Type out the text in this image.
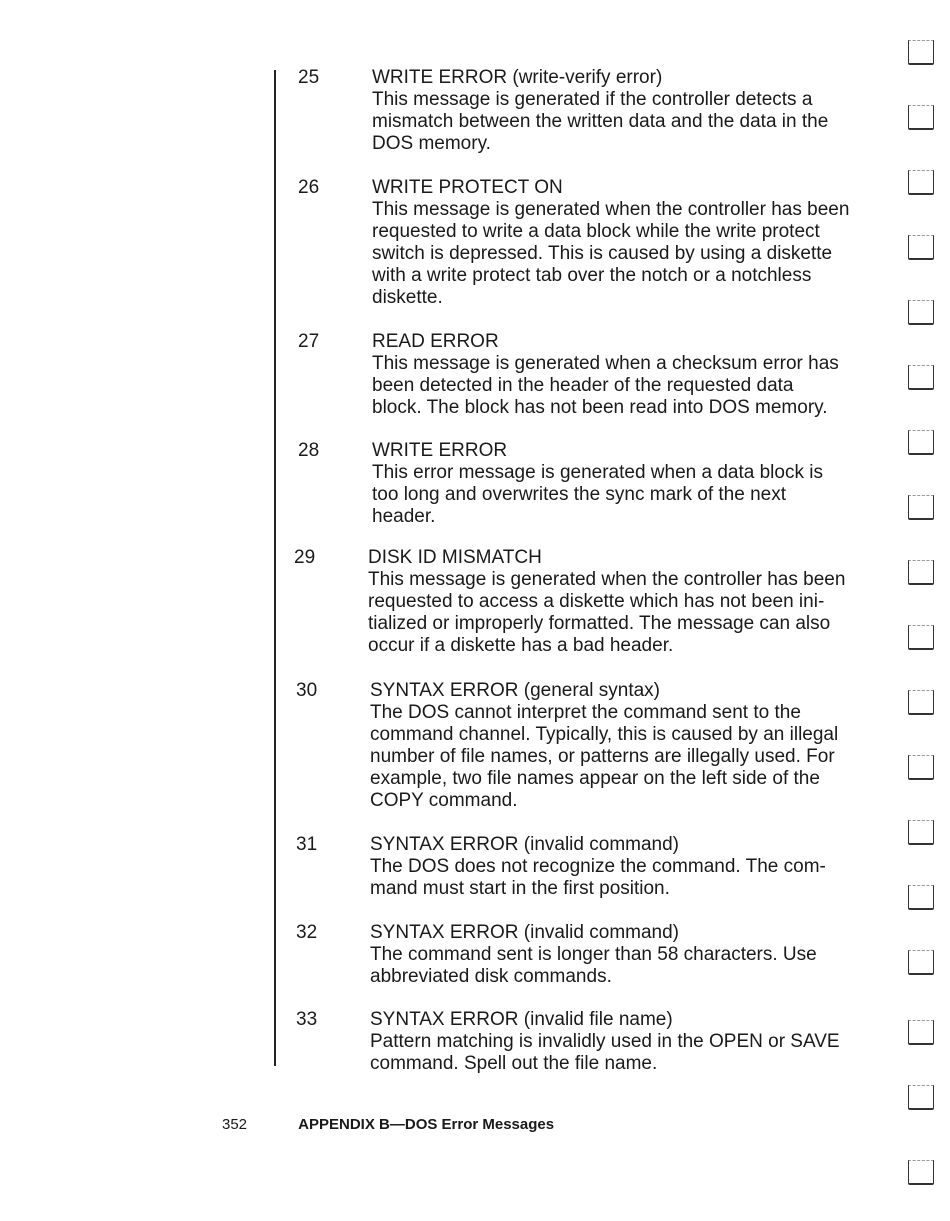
25	WRITE ERROR (write-verify error)
This message is generated if the controller detects a
mismatch between the written data and the data in the
DOS memory.
26	WRITE PROTECT ON
This message is generated when the controller has been
requested to write a data block while the write protect
switch is depressed. This is caused by using a diskette
with a write protect tab over the notch or a notchless
diskette.
27	READ ERROR
This message is generated when a checksum error has
been detected in the header of the requested data
block. The block has not been read into DOS memory.
28	WRITE ERROR
This error message is generated when a data block is
too long and overwrites the sync mark of the next
header.
29	DISK ID MISMATCH
This message is generated when the controller has been
requested to access a diskette which has not been ini-
tialized or improperly formatted. The message can also
occur if a diskette has a bad header.
30	SYNTAX ERROR (general syntax)
The DOS cannot interpret the command sent to the
command channel. Typically, this is caused by an illegal
number of file names, or patterns are illegally used. For
example, two file names appear on the left side of the
COPY command.
31	SYNTAX ERROR (invalid command)
The DOS does not recognize the command. The com-
mand must start in the first position.
32	SYNTAX ERROR (invalid command)
The command sent is longer than 58 characters. Use
abbreviated disk commands.
33	SYNTAX ERROR (invalid file name)
Pattern matching is invalidly used in the OPEN or SAVE
command. Spell out the file name.
352	APPENDIX B—DOS Error Messages
